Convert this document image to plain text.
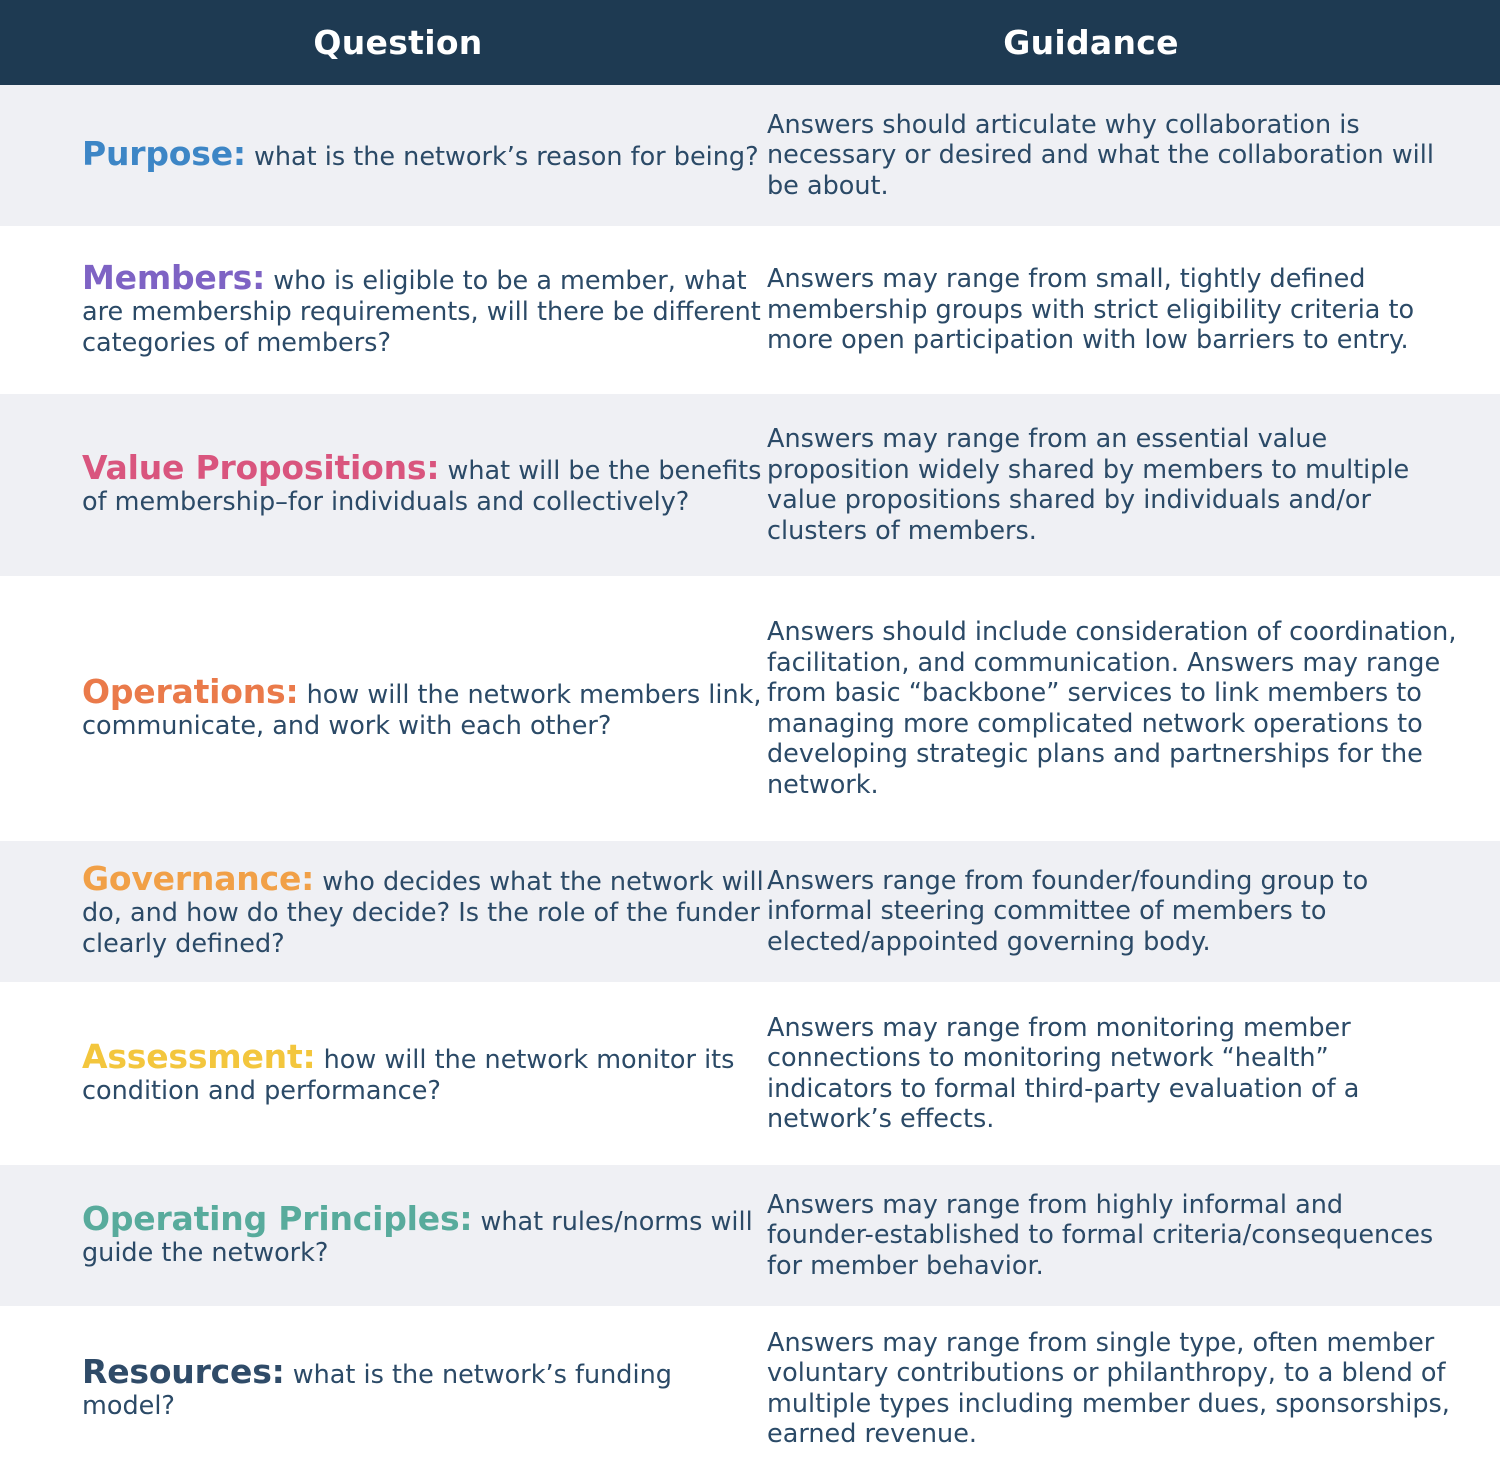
Question	Guidance
Purpose: what is the network’s reason for being?
Answers should articulate why collaboration is necessary or desired and what the collaboration will be about.
Members: who is eligible to be a member, what are membership requirements, will there be different categories of members?
Answers may range from small, tightly defined membership groups with strict eligibility criteria to more open participation with low barriers to entry.
Value Propositions: what will be the benefits of membership–for individuals and collectively?
Answers may range from an essential value proposition widely shared by members to multiple value propositions shared by individuals and/or clusters of members.
Operations: how will the network members link, communicate, and work with each other?
Answers should include consideration of coordination, facilitation, and communication. Answers may range from basic “backbone” services to link members to managing more complicated network operations to developing strategic plans and partnerships for the network.
Governance: who decides what the network will do, and how do they decide? Is the role of the funder clearly defined?
Answers range from founder/founding group to informal steering committee of members to elected/appointed governing body.
Assessment: how will the network monitor its condition and performance?
Answers may range from monitoring member connections to monitoring network “health” indicators to formal third-party evaluation of a network’s effects.
Operating Principles: what rules/norms will guide the network?
Answers may range from highly informal and founder-established to formal criteria/consequences for member behavior.
Resources: what is the network’s funding model?
Answers may range from single type, often member voluntary contributions or philanthropy, to a blend of multiple types including member dues, sponsorships, earned revenue.
